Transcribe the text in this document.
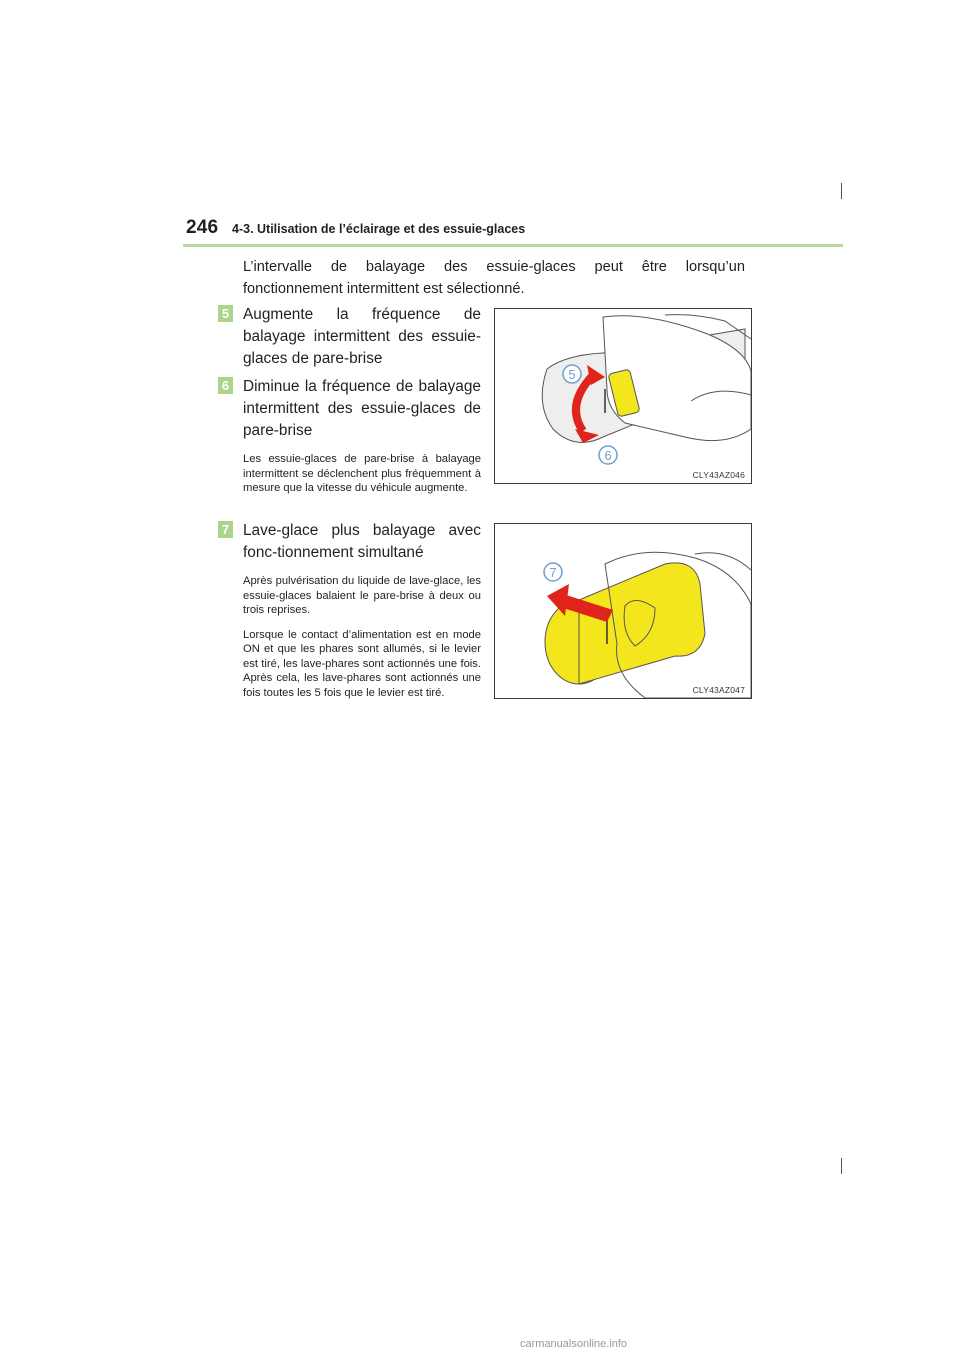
246 4-3. Utilisation de l’éclairage et des essuie-glaces

L’intervalle de balayage des essuie-glaces peut être lorsqu’un fonctionnement intermittent est sélectionné.

5 Augmente la fréquence de balayage intermittent des essuie-glaces de pare-brise

6 Diminue la fréquence de balayage intermittent des essuie-glaces de pare-brise

Les essuie-glaces de pare-brise à balayage intermittent se déclenchent plus fréquemment à mesure que la vitesse du véhicule augmente.

7 Lave-glace plus balayage avec fonc-tionnement simultané

Après pulvérisation du liquide de lave-glace, les essuie-glaces balaient le pare-brise à deux ou trois reprises.

Lorsque le contact d’alimentation est en mode ON et que les phares sont allumés, si le levier est tiré, les lave-phares sont actionnés une fois. Après cela, les lave-phares sont actionnés une fois toutes les 5 fois que le levier est tiré.

5
6
CLY43AZ046
7
CLY43AZ047
carmanualsonline.info
